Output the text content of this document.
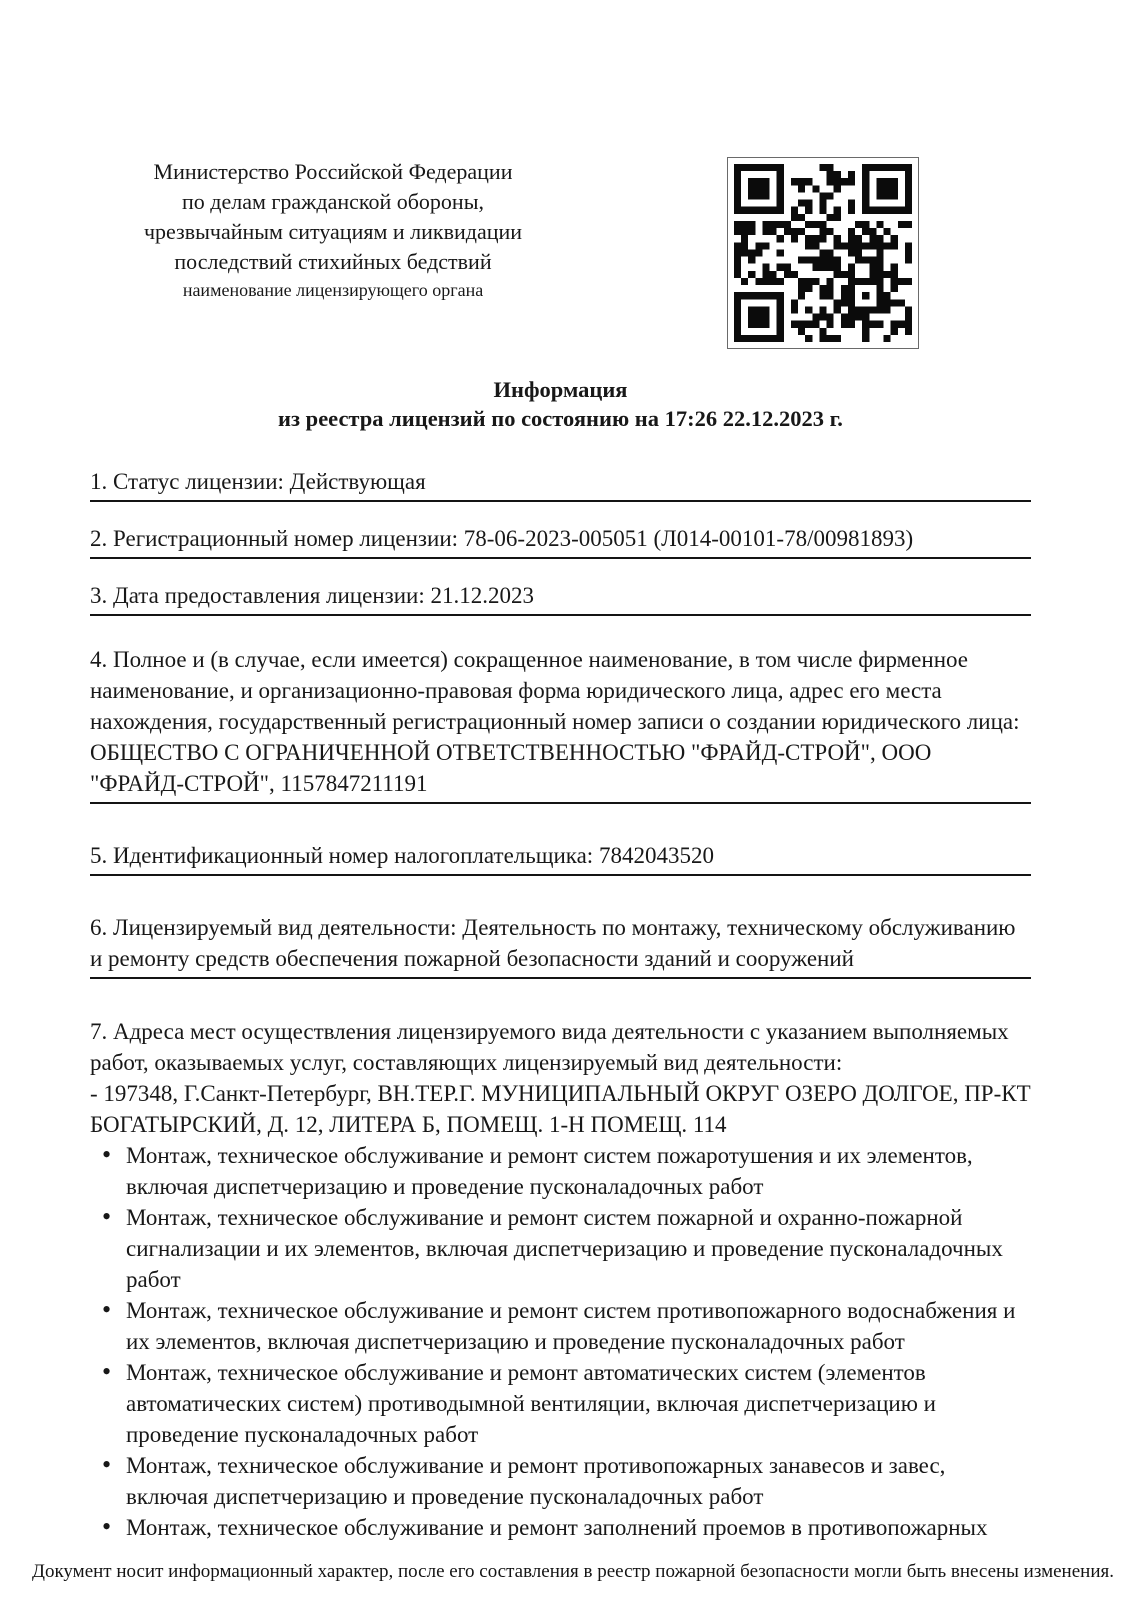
Министерство Российской Федерации
по делам гражданской обороны,
чрезвычайным ситуациям и ликвидации
последствий стихийных бедствий
наименование лицензирующего органа
Информация
из реестра лицензий по состоянию на 17:26 22.12.2023 г.
1. Статус лицензии: Действующая
2. Регистрационный номер лицензии: 78-06-2023-005051 (Л014-00101-78/00981893)
3. Дата предоставления лицензии: 21.12.2023
4. Полное и (в случае, если имеется) сокращенное наименование, в том числе фирменное наименование, и организационно-правовая форма юридического лица, адрес его места нахождения, государственный регистрационный номер записи о создании юридического лица: ОБЩЕСТВО С ОГРАНИЧЕННОЙ ОТВЕТСТВЕННОСТЬЮ "ФРАЙД-СТРОЙ", ООО "ФРАЙД-СТРОЙ", 1157847211191
5. Идентификационный номер налогоплательщика: 7842043520
6. Лицензируемый вид деятельности: Деятельность по монтажу, техническому обслуживанию и ремонту средств обеспечения пожарной безопасности зданий и сооружений
7. Адреса мест осуществления лицензируемого вида деятельности с указанием выполняемых работ, оказываемых услуг, составляющих лицензируемый вид деятельности:
- 197348, Г.Санкт-Петербург, ВН.ТЕР.Г. МУНИЦИПАЛЬНЫЙ ОКРУГ ОЗЕРО ДОЛГОЕ, ПР-КТ БОГАТЫРСКИЙ, Д. 12, ЛИТЕРА Б, ПОМЕЩ. 1-Н ПОМЕЩ. 114
• Монтаж, техническое обслуживание и ремонт систем пожаротушения и их элементов, включая диспетчеризацию и проведение пусконаладочных работ
• Монтаж, техническое обслуживание и ремонт систем пожарной и охранно-пожарной сигнализации и их элементов, включая диспетчеризацию и проведение пусконаладочных работ
• Монтаж, техническое обслуживание и ремонт систем противопожарного водоснабжения и их элементов, включая диспетчеризацию и проведение пусконаладочных работ
• Монтаж, техническое обслуживание и ремонт автоматических систем (элементов автоматических систем) противодымной вентиляции, включая диспетчеризацию и проведение пусконаладочных работ
• Монтаж, техническое обслуживание и ремонт противопожарных занавесов и завес, включая диспетчеризацию и проведение пусконаладочных работ
• Монтаж, техническое обслуживание и ремонт заполнений проемов в противопожарных
Документ носит информационный характер, после его составления в реестр пожарной безопасности могли быть внесены изменения.
